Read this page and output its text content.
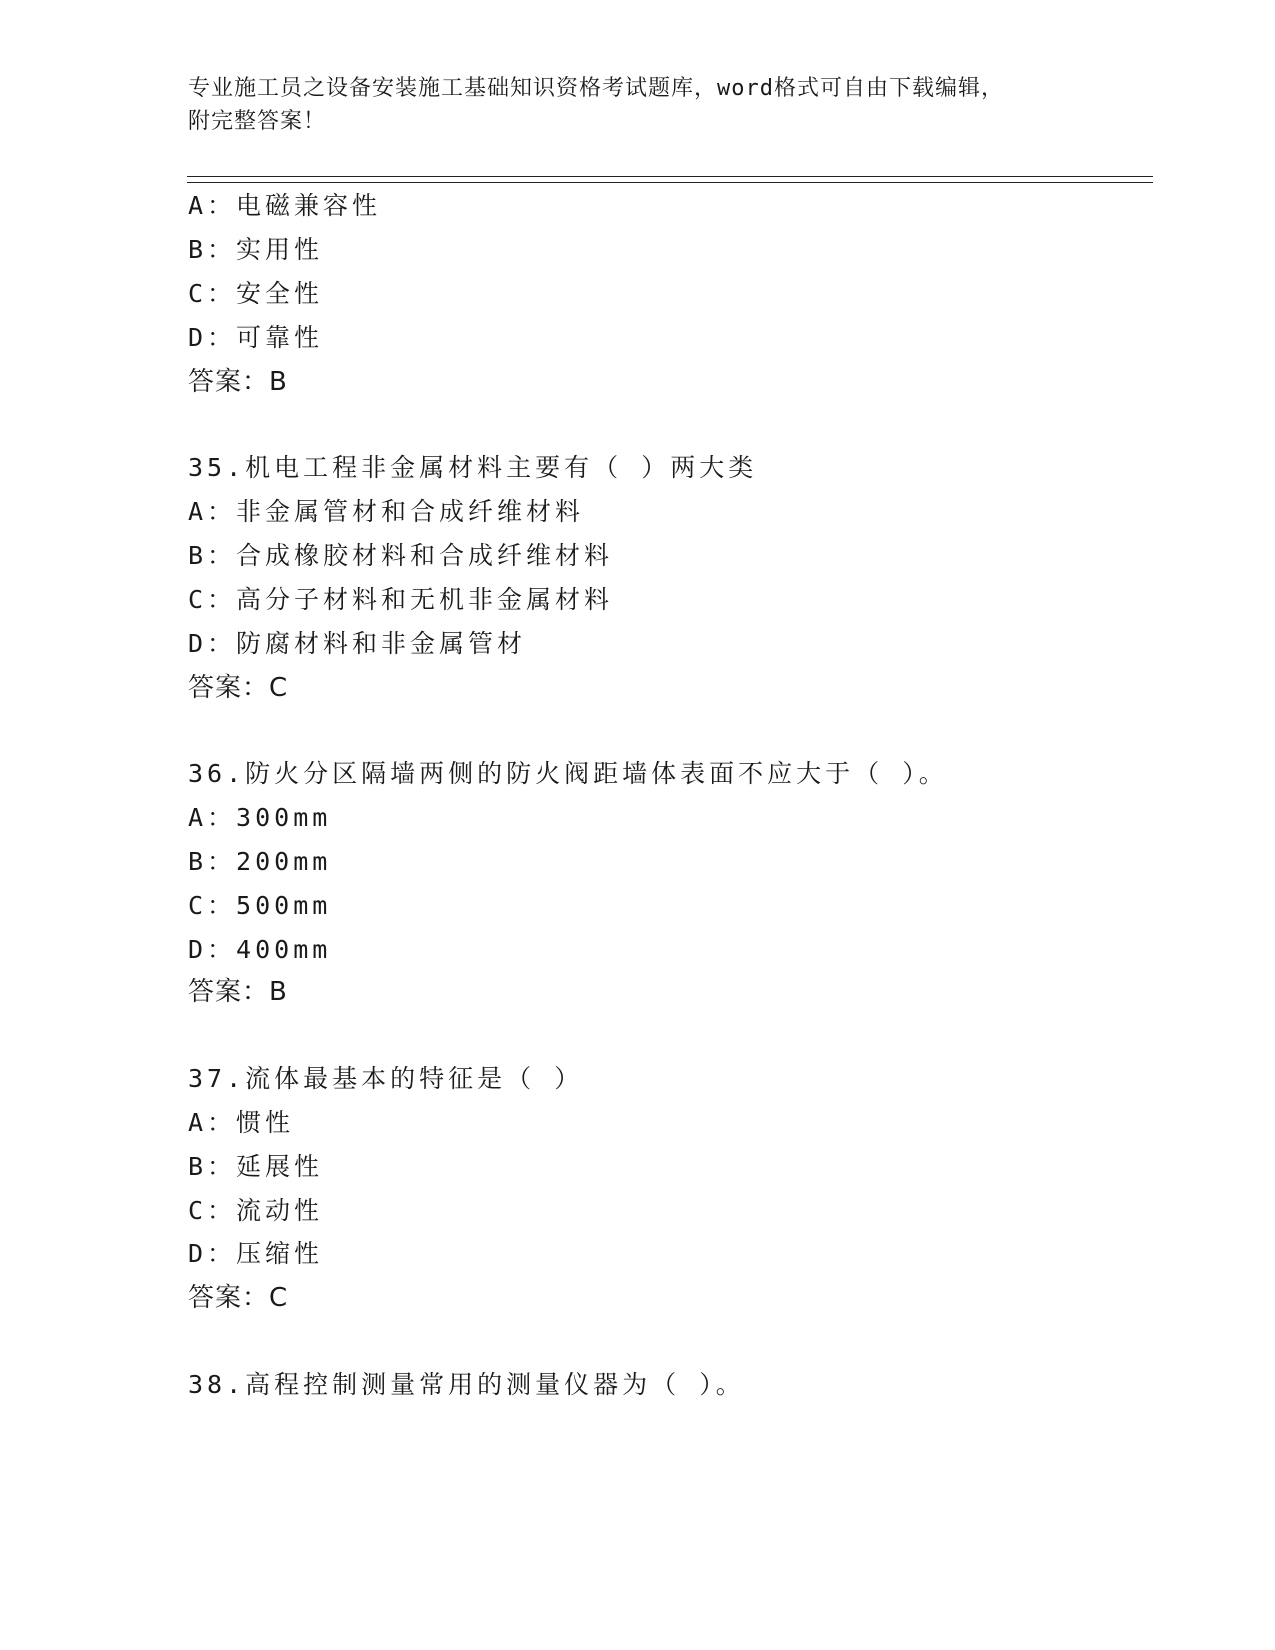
专业施工员之设备安装施工基础知识资格考试题库，word格式可自由下载编辑，
附完整答案！
A：电磁兼容性
B：实用性
C：安全性
D：可靠性
答案：B
35.机电工程非金属材料主要有（ ）两大类
A：非金属管材和合成纤维材料
B：合成橡胶材料和合成纤维材料
C：高分子材料和无机非金属材料
D：防腐材料和非金属管材
答案：C
36.防火分区隔墙两侧的防火阀距墙体表面不应大于（ ）。
A：300mm
B：200mm
C：500mm
D：400mm
答案：B
37.流体最基本的特征是（ ）
A：惯性
B：延展性
C：流动性
D：压缩性
答案：C
38.高程控制测量常用的测量仪器为（ ）。
